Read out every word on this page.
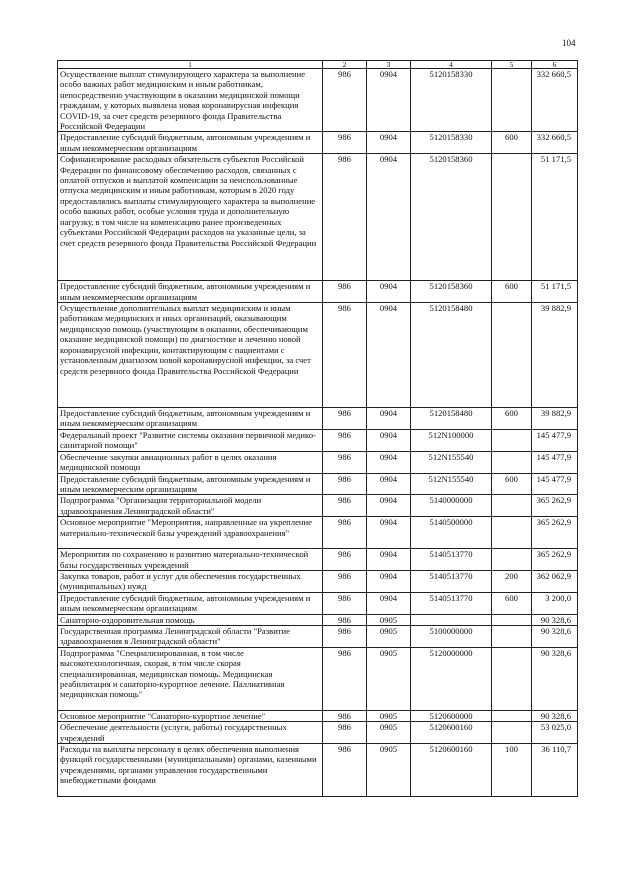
104
1	2	3	4	5	6
Осуществление выплат стимулирующего характера за выполнение особо важных работ медицинским и иным работникам, непосредственно участвующим в оказании медицинской помощи гражданам, у которых выявлена новая коронавирусная инфекция COVID-19, за счет средств резервного фонда Правительства Российской Федерации	986	0904	5120158330		332 660,5
Предоставление субсидий бюджетным, автономным учреждениям и иным некоммерческим организациям	986	0904	5120158330	600	332 660,5
Софинансирование расходных обязательств субъектов Российской Федерации по финансовому обеспечению расходов, связанных с оплатой отпусков и выплатой компенсации за неиспользованные отпуска медицинским и иным работникам, которым в 2020 году предоставлялись выплаты стимулирующего характера за выполнение особо важных работ, особые условия труда и дополнительную нагрузку, в том числе на компенсацию ранее произведенных субъектами Российской Федерации расходов на указанные цели, за счет средств резервного фонда Правительства Российской Федерации	986	0904	5120158360		51 171,5
Предоставление субсидий бюджетным, автономным учреждениям и иным некоммерческим организациям	986	0904	5120158360	600	51 171,5
Осуществление дополнительных выплат медицинским и иным работникам медицинских и иных организаций, оказывающим медицинскую помощь (участвующим в оказании, обеспечивающим оказание медицинской помощи) по диагностике и лечению новой коронавирусной инфекции, контактирующим с пациентами с установленным диагнозом новой коронавирусной инфекции, за счет средств резервного фонда Правительства Российской Федерации	986	0904	5120158480		39 882,9
Предоставление субсидий бюджетным, автономным учреждениям и иным некоммерческим организациям	986	0904	5120158480	600	39 882,9
Федеральный проект "Развитие системы оказания первичной медико-санитарной помощи"	986	0904	512N100000		145 477,9
Обеспечение закупки авиационных работ в целях оказания медицинской помощи	986	0904	512N155540		145 477,9
Предоставление субсидий бюджетным, автономным учреждениям и иным некоммерческим организациям	986	0904	512N155540	600	145 477,9
Подпрограмма "Организация территориальной модели здравоохранения Ленинградской области"	986	0904	5140000000		365 262,9
Основное мероприятие "Мероприятия, направленные на укрепление материально-технической базы учреждений здравоохранения"	986	0904	5140500000		365 262,9
Мероприятия по сохранению и развитию материально-технической базы государственных учреждений	986	0904	5140513770		365 262,9
Закупка товаров, работ и услуг для обеспечения государственных (муниципальных) нужд	986	0904	5140513770	200	362 062,9
Предоставление субсидий бюджетным, автономным учреждениям и иным некоммерческим организациям	986	0904	5140513770	600	3 200,0
Санаторно-оздоровительная помощь	986	0905			90 328,6
Государственная программа Ленинградской области "Развитие здравоохранения в Ленинградской области"	986	0905	5100000000		90 328,6
Подпрограмма "Специализированная, в том числе высокотехнологичная, скорая, в том числе скорая специализированная, медицинская помощь. Медицинская реабилитация и санаторно-курортное лечение. Паллиативная медицинская помощь"	986	0905	5120000000		90 328,6
Основное мероприятие "Санаторно-курортное лечение"	986	0905	5120600000		90 328,6
Обеспечение деятельности (услуги, работы) государственных учреждений	986	0905	5120600160		53 025,0
Расходы на выплаты персоналу в целях обеспечения выполнения функций государственными (муниципальными) органами, казенными учреждениями, органами управления государственными внебюджетными фондами	986	0905	5120600160	100	36 110,7
